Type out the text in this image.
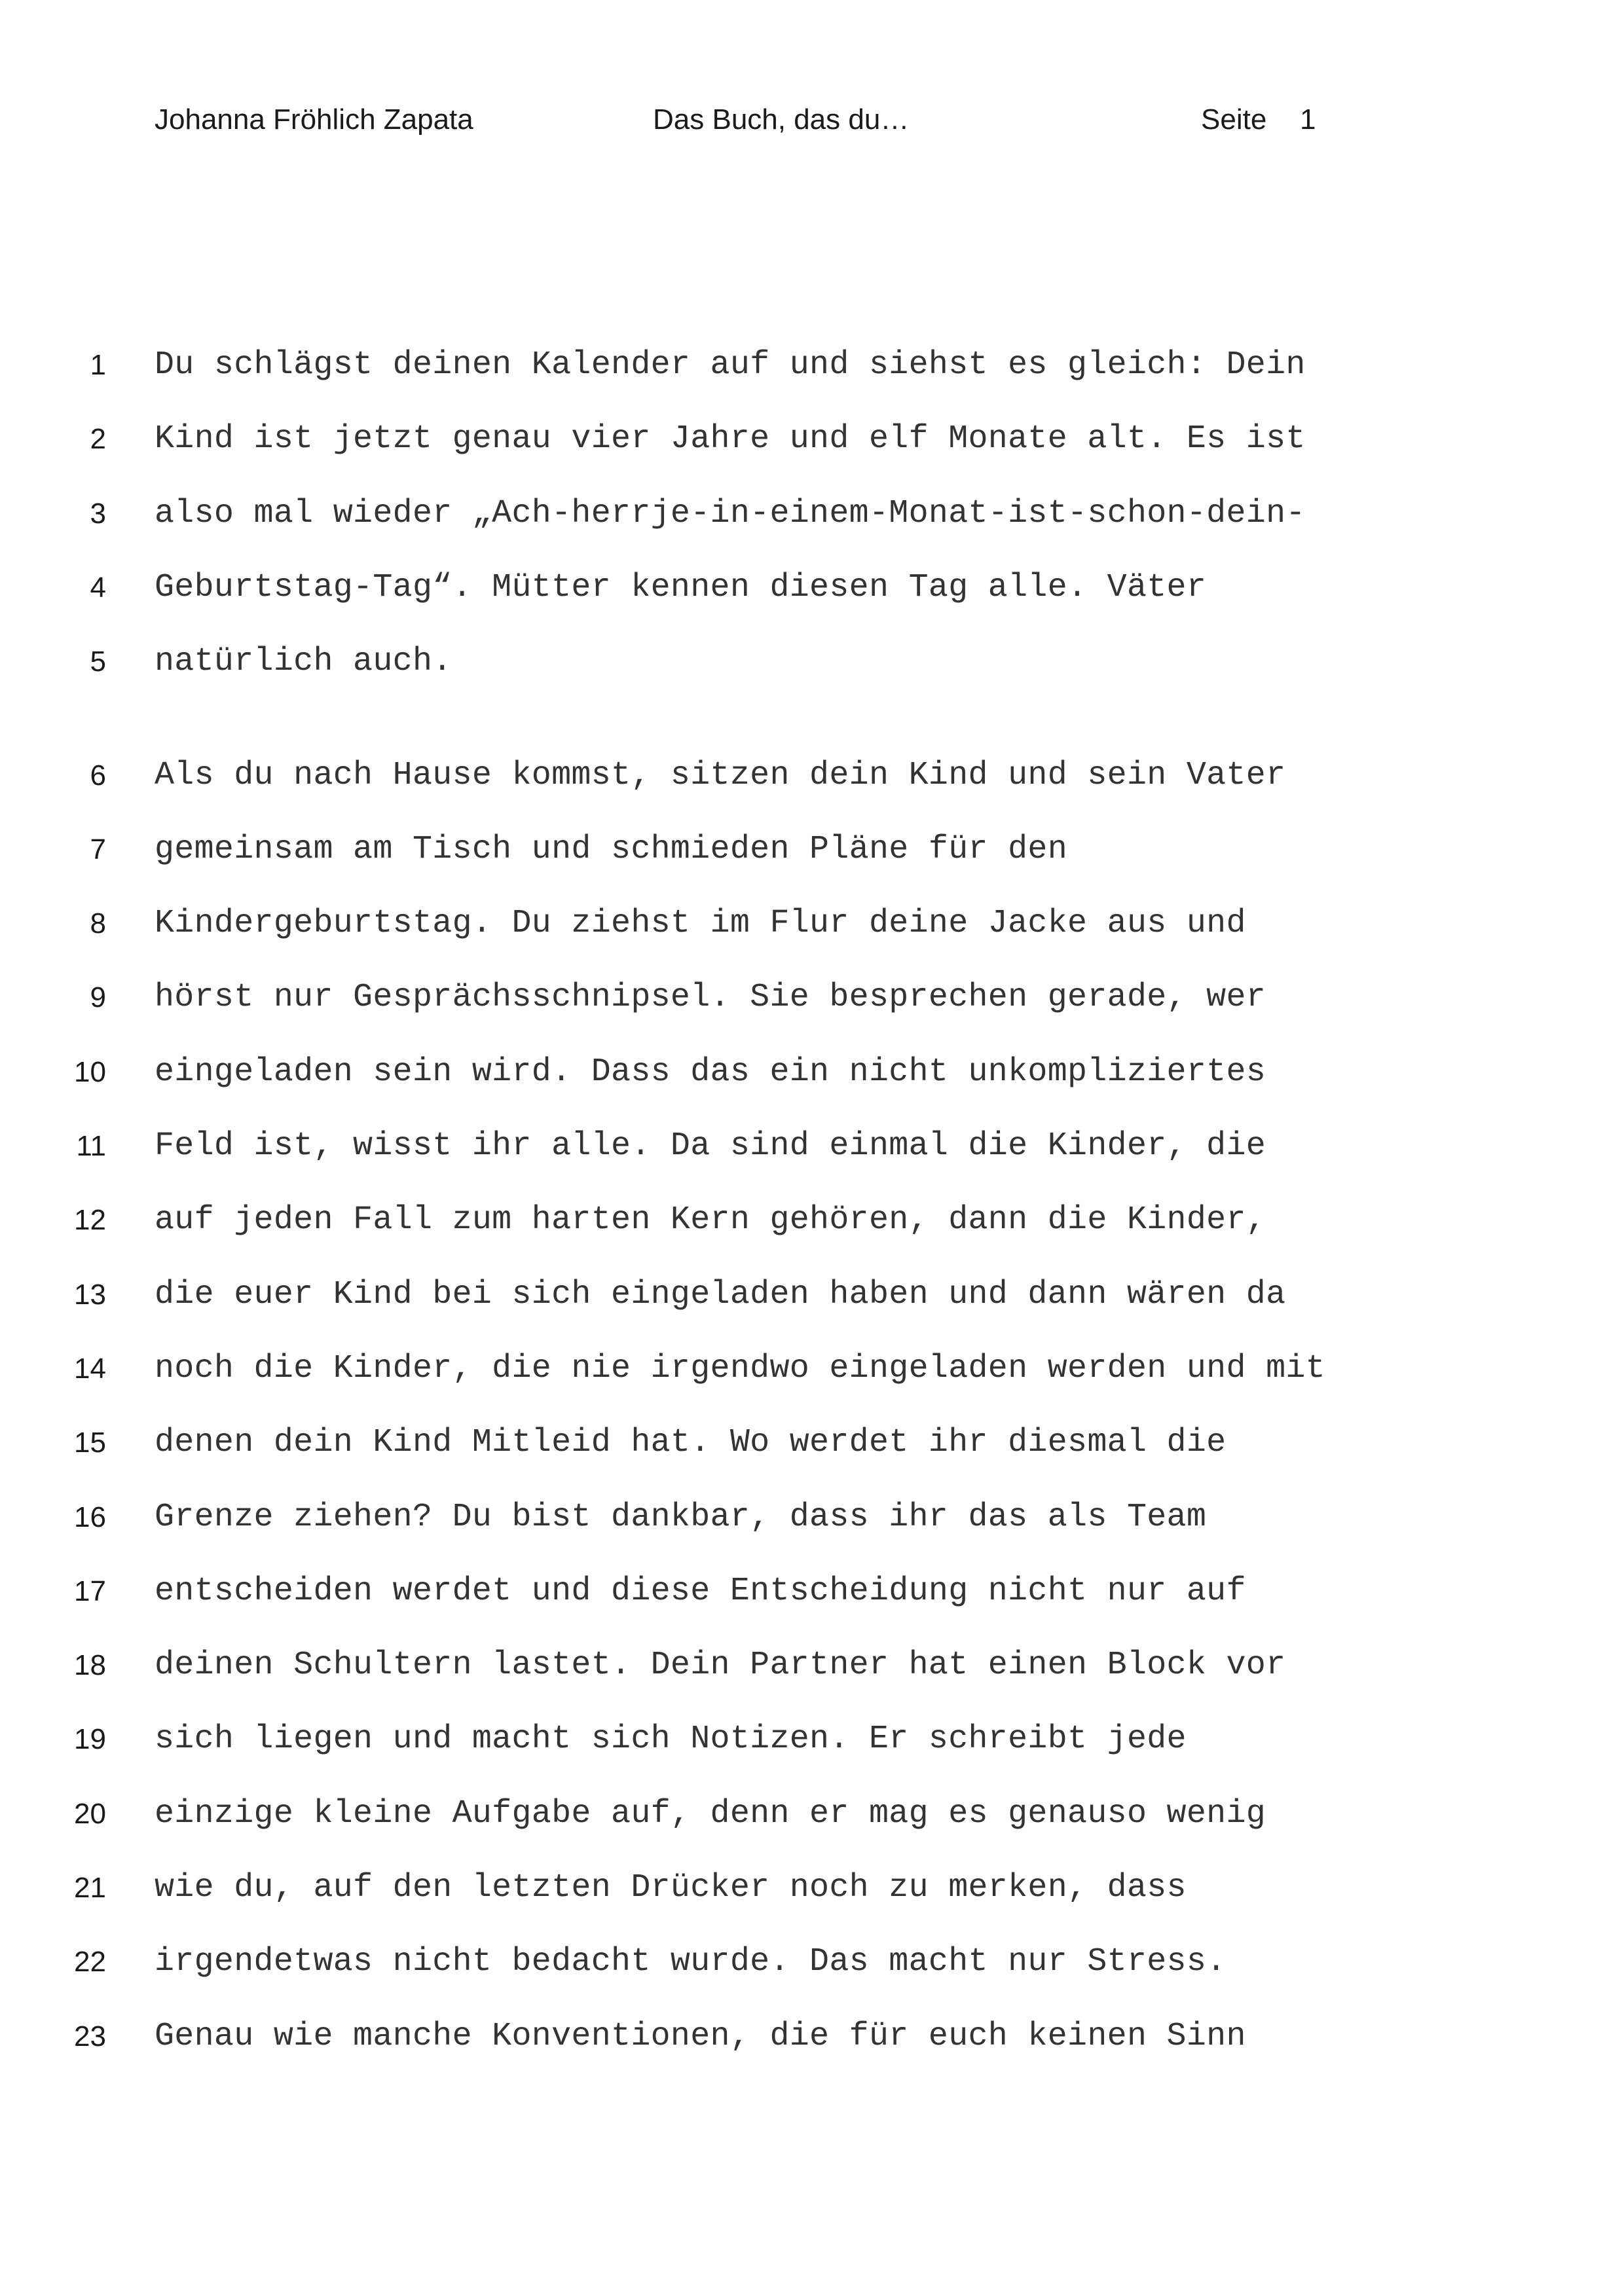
Johanna Fröhlich Zapata	Das Buch, das du…	Seite 1
1 Du schlägst deinen Kalender auf und siehst es gleich: Dein
2 Kind ist jetzt genau vier Jahre und elf Monate alt. Es ist
3 also mal wieder „Ach-herrje-in-einem-Monat-ist-schon-dein-
4 Geburtstag-Tag“. Mütter kennen diesen Tag alle. Väter
5 natürlich auch.
6 Als du nach Hause kommst, sitzen dein Kind und sein Vater
7 gemeinsam am Tisch und schmieden Pläne für den
8 Kindergeburtstag. Du ziehst im Flur deine Jacke aus und
9 hörst nur Gesprächsschnipsel. Sie besprechen gerade, wer
10 eingeladen sein wird. Dass das ein nicht unkompliziertes
11 Feld ist, wisst ihr alle. Da sind einmal die Kinder, die
12 auf jeden Fall zum harten Kern gehören, dann die Kinder,
13 die euer Kind bei sich eingeladen haben und dann wären da
14 noch die Kinder, die nie irgendwo eingeladen werden und mit
15 denen dein Kind Mitleid hat. Wo werdet ihr diesmal die
16 Grenze ziehen? Du bist dankbar, dass ihr das als Team
17 entscheiden werdet und diese Entscheidung nicht nur auf
18 deinen Schultern lastet. Dein Partner hat einen Block vor
19 sich liegen und macht sich Notizen. Er schreibt jede
20 einzige kleine Aufgabe auf, denn er mag es genauso wenig
21 wie du, auf den letzten Drücker noch zu merken, dass
22 irgendetwas nicht bedacht wurde. Das macht nur Stress.
23 Genau wie manche Konventionen, die für euch keinen Sinn
